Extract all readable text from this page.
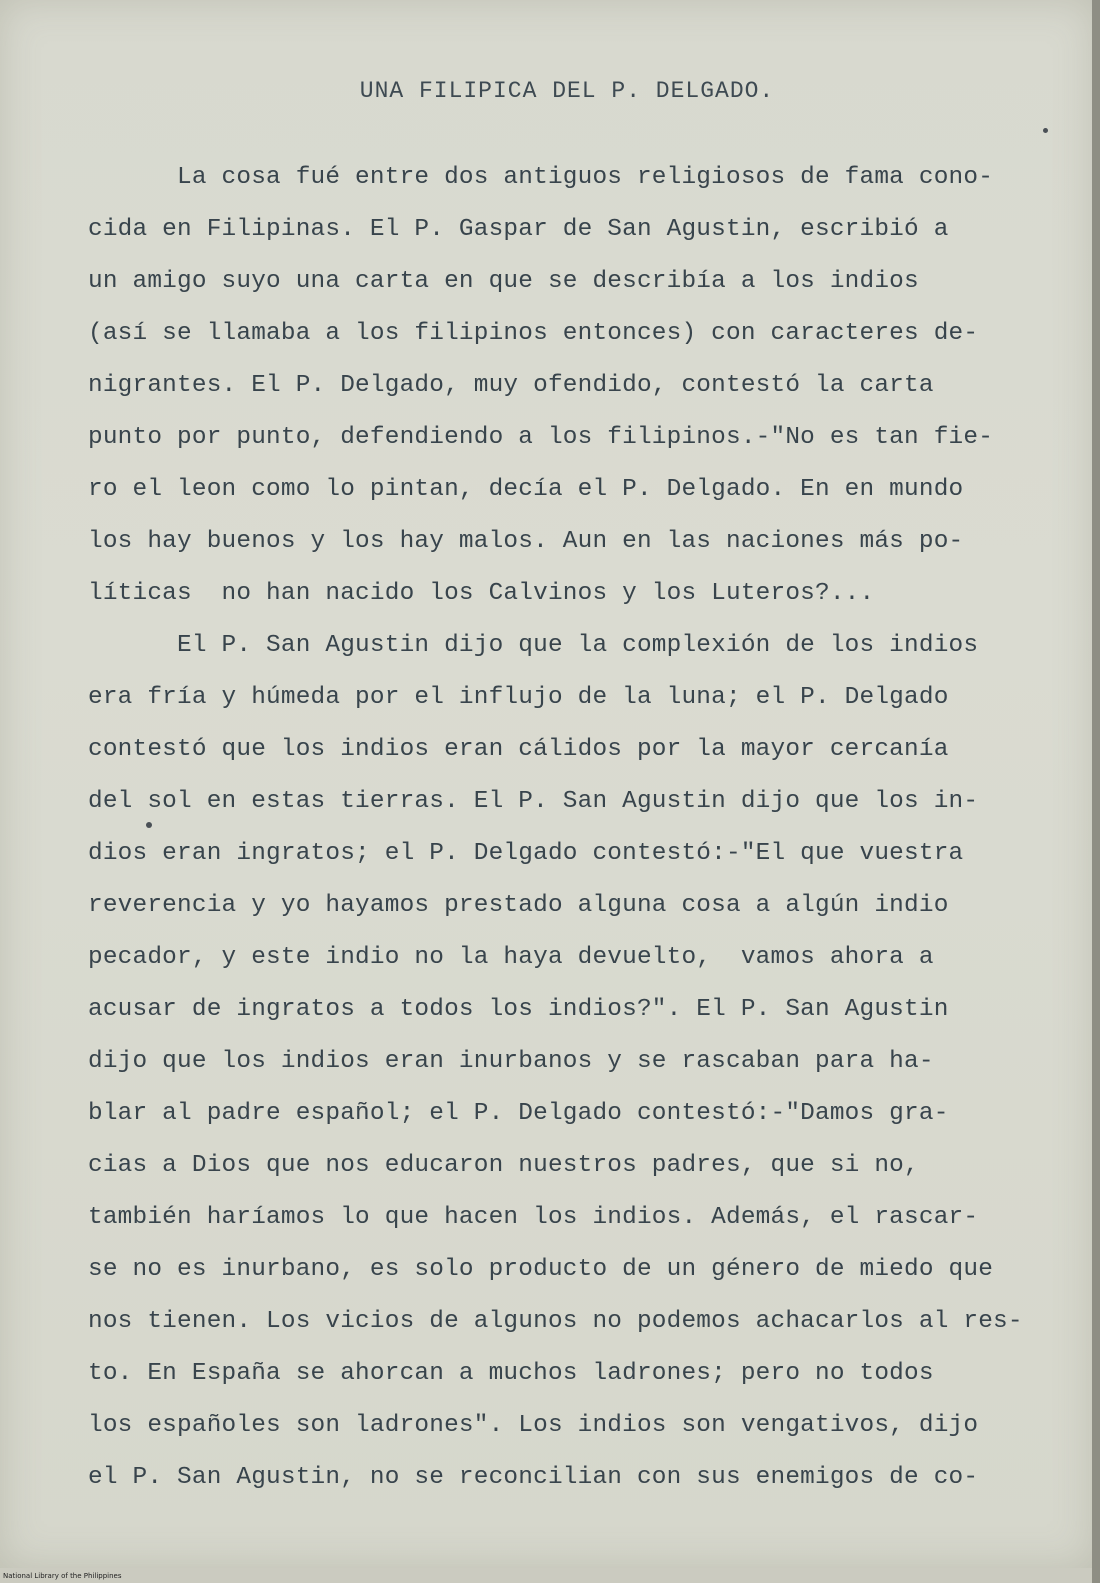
UNA FILIPICA DEL P. DELGADO.
La cosa fué entre dos antiguos religiosos de fama cono-
cida en Filipinas. El P. Gaspar de San Agustin, escribió a
un amigo suyo una carta en que se describía a los indios
(así se llamaba a los filipinos entonces) con caracteres de-
nigrantes. El P. Delgado, muy ofendido, contestó la carta
punto por punto, defendiendo a los filipinos.-"No es tan fie-
ro el leon como lo pintan, decía el P. Delgado. En en mundo
los hay buenos y los hay malos. Aun en las naciones más po-
líticas  no han nacido los Calvinos y los Luteros?...
El P. San Agustin dijo que la complexión de los indios
era fría y húmeda por el influjo de la luna; el P. Delgado
contestó que los indios eran cálidos por la mayor cercanía
del sol en estas tierras. El P. San Agustin dijo que los in-
dios eran ingratos; el P. Delgado contestó:-"El que vuestra
reverencia y yo hayamos prestado alguna cosa a algún indio
pecador, y este indio no la haya devuelto,  vamos ahora a
acusar de ingratos a todos los indios?". El P. San Agustin
dijo que los indios eran inurbanos y se rascaban para ha-
blar al padre español; el P. Delgado contestó:-"Damos gra-
cias a Dios que nos educaron nuestros padres, que si no,
también haríamos lo que hacen los indios. Además, el rascar-
se no es inurbano, es solo producto de un género de miedo que
nos tienen. Los vicios de algunos no podemos achacarlos al res-
to. En España se ahorcan a muchos ladrones; pero no todos
los españoles son ladrones". Los indios son vengativos, dijo
el P. San Agustin, no se reconcilian con sus enemigos de co-
National Library of the Philippines
